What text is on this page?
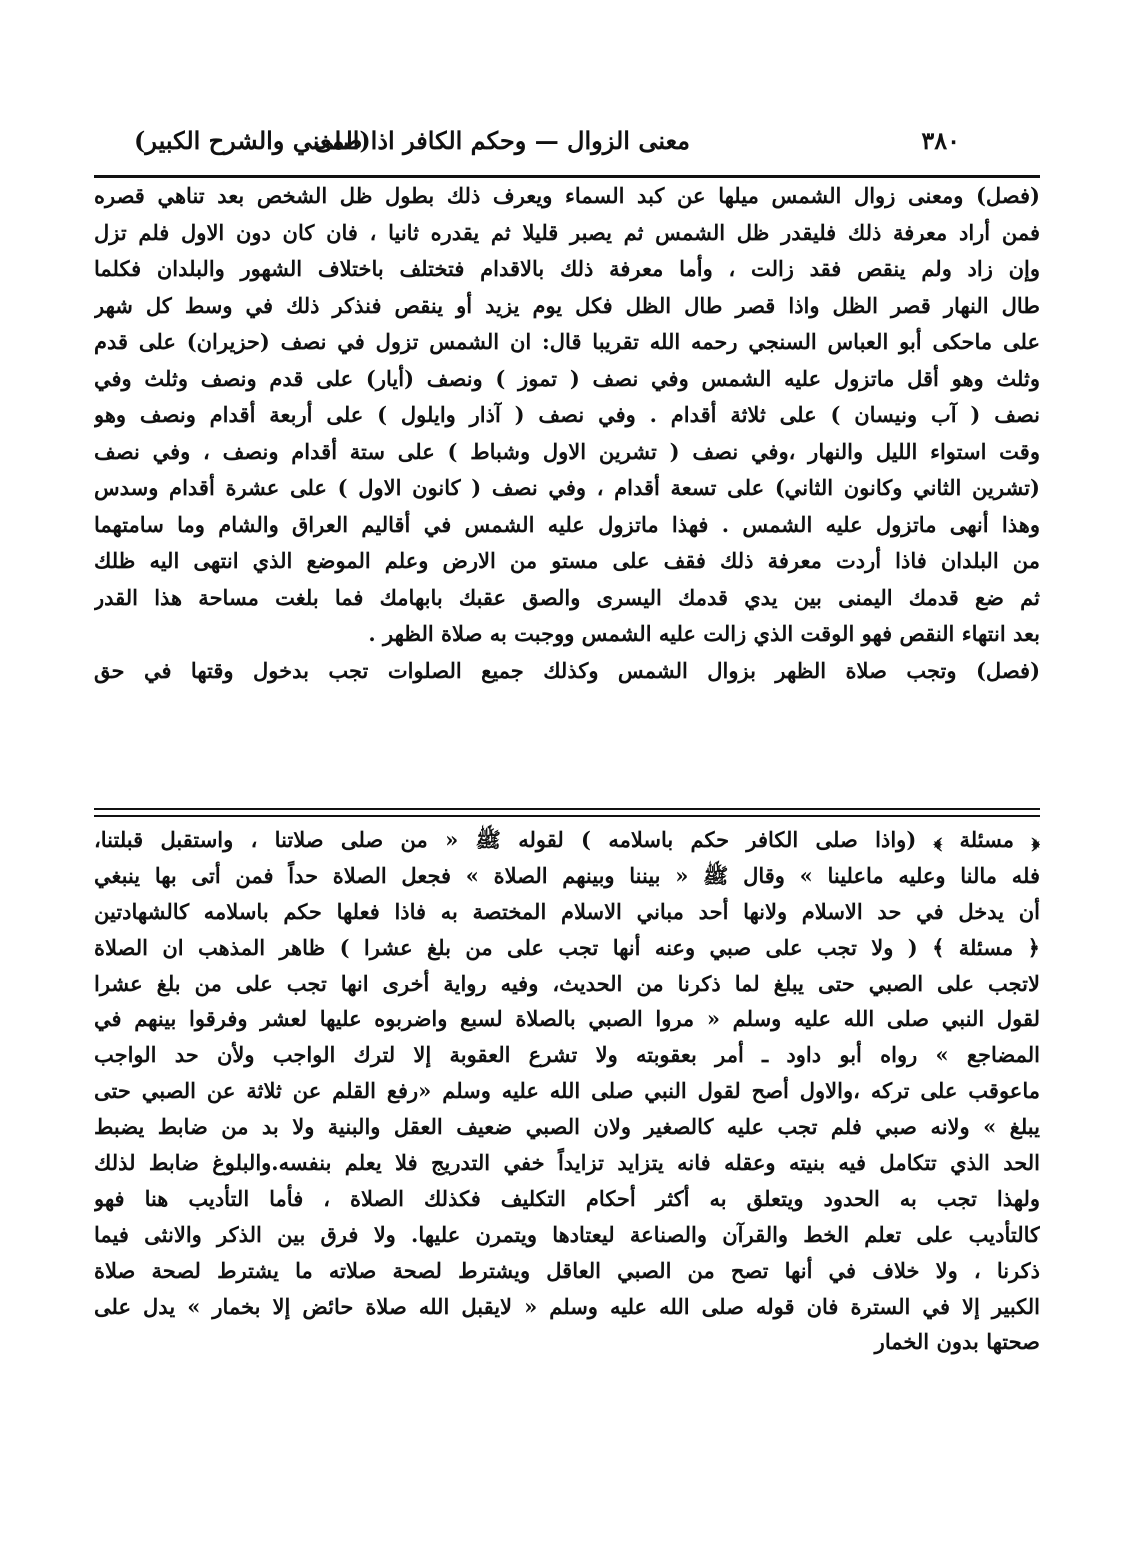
٣٨٠
معنى الزوال — وحكم الكافر اذا صلى
(المغني والشرح الكبير)
(فصل) ومعنى زوال الشمس ميلها عن كبد السماء ويعرف ذلك بطول ظل الشخص بعد تناهي قصره
فمن أراد معرفة ذلك فليقدر ظل الشمس ثم يصبر قليلا ثم يقدره ثانيا ، فان كان دون الاول فلم تزل
وإن زاد ولم ينقص فقد زالت ، وأما معرفة ذلك بالاقدام فتختلف باختلاف الشهور والبلدان فكلما
طال النهار قصر الظل واذا قصر طال الظل فكل يوم يزيد أو ينقص فنذكر ذلك في وسط كل شهر
على ماحكى أبو العباس السنجي رحمه الله تقريبا قال: ان الشمس تزول في نصف (حزيران) على قدم
وثلث وهو أقل ماتزول عليه الشمس وفي نصف ( تموز ) ونصف (أيار) على قدم ونصف وثلث وفي
نصف ( آب ونيسان ) على ثلاثة أقدام . وفي نصف ( آذار وايلول ) على أربعة أقدام ونصف وهو
وقت استواء الليل والنهار ،وفي نصف ( تشرين الاول وشباط ) على ستة أقدام ونصف ، وفي نصف
(تشرين الثاني وكانون الثاني) على تسعة أقدام ، وفي نصف ( كانون الاول ) على عشرة أقدام وسدس
وهذا أنهى ماتزول عليه الشمس . فهذا ماتزول عليه الشمس في أقاليم العراق والشام وما سامتهما
من البلدان فاذا أردت معرفة ذلك فقف على مستو من الارض وعلم الموضع الذي انتهى اليه ظلك
ثم ضع قدمك اليمنى بين يدي قدمك اليسرى والصق عقبك بابهامك فما بلغت مساحة هذا القدر
بعد انتهاء النقص فهو الوقت الذي زالت عليه الشمس ووجبت به صلاة الظهر .
(فصل) وتجب صلاة الظهر بزوال الشمس وكذلك جميع الصلوات تجب بدخول وقتها في حق
﴿ مسئلة ﴾ (واذا صلى الكافر حكم باسلامه ) لقوله ﷺ « من صلى صلاتنا ، واستقبل قبلتنا،
فله مالنا وعليه ماعلينا » وقال ﷺ « بيننا وبينهم الصلاة » فجعل الصلاة حداً فمن أتى بها ينبغي
أن يدخل في حد الاسلام ولانها أحد مباني الاسلام المختصة به فاذا فعلها حكم باسلامه كالشهادتين
﴿ مسئلة ﴾ ( ولا تجب على صبي وعنه أنها تجب على من بلغ عشرا ) ظاهر المذهب ان الصلاة
لاتجب على الصبي حتى يبلغ لما ذكرنا من الحديث، وفيه رواية أخرى انها تجب على من بلغ عشرا
لقول النبي صلى الله عليه وسلم « مروا الصبي بالصلاة لسبع واضربوه عليها لعشر وفرقوا بينهم في
المضاجع » رواه أبو داود ـ أمر بعقوبته ولا تشرع العقوبة إلا لترك الواجب ولأن حد الواجب
ماعوقب على تركه ،والاول أصح لقول النبي صلى الله عليه وسلم «رفع القلم عن ثلاثة عن الصبي حتى
يبلغ » ولانه صبي فلم تجب عليه كالصغير ولان الصبي ضعيف العقل والبنية ولا بد من ضابط يضبط
الحد الذي تتكامل فيه بنيته وعقله فانه يتزايد تزايداً خفي التدريج فلا يعلم بنفسه.والبلوغ ضابط لذلك
ولهذا تجب به الحدود ويتعلق به أكثر أحكام التكليف فكذلك الصلاة ، فأما التأديب هنا فهو
كالتأديب على تعلم الخط والقرآن والصناعة ليعتادها ويتمرن عليها. ولا فرق بين الذكر والانثى فيما
ذكرنا ، ولا خلاف في أنها تصح من الصبي العاقل ويشترط لصحة صلاته ما يشترط لصحة صلاة
الكبير إلا في السترة فان قوله صلى الله عليه وسلم « لايقبل الله صلاة حائض إلا بخمار » يدل على
صحتها بدون الخمار
